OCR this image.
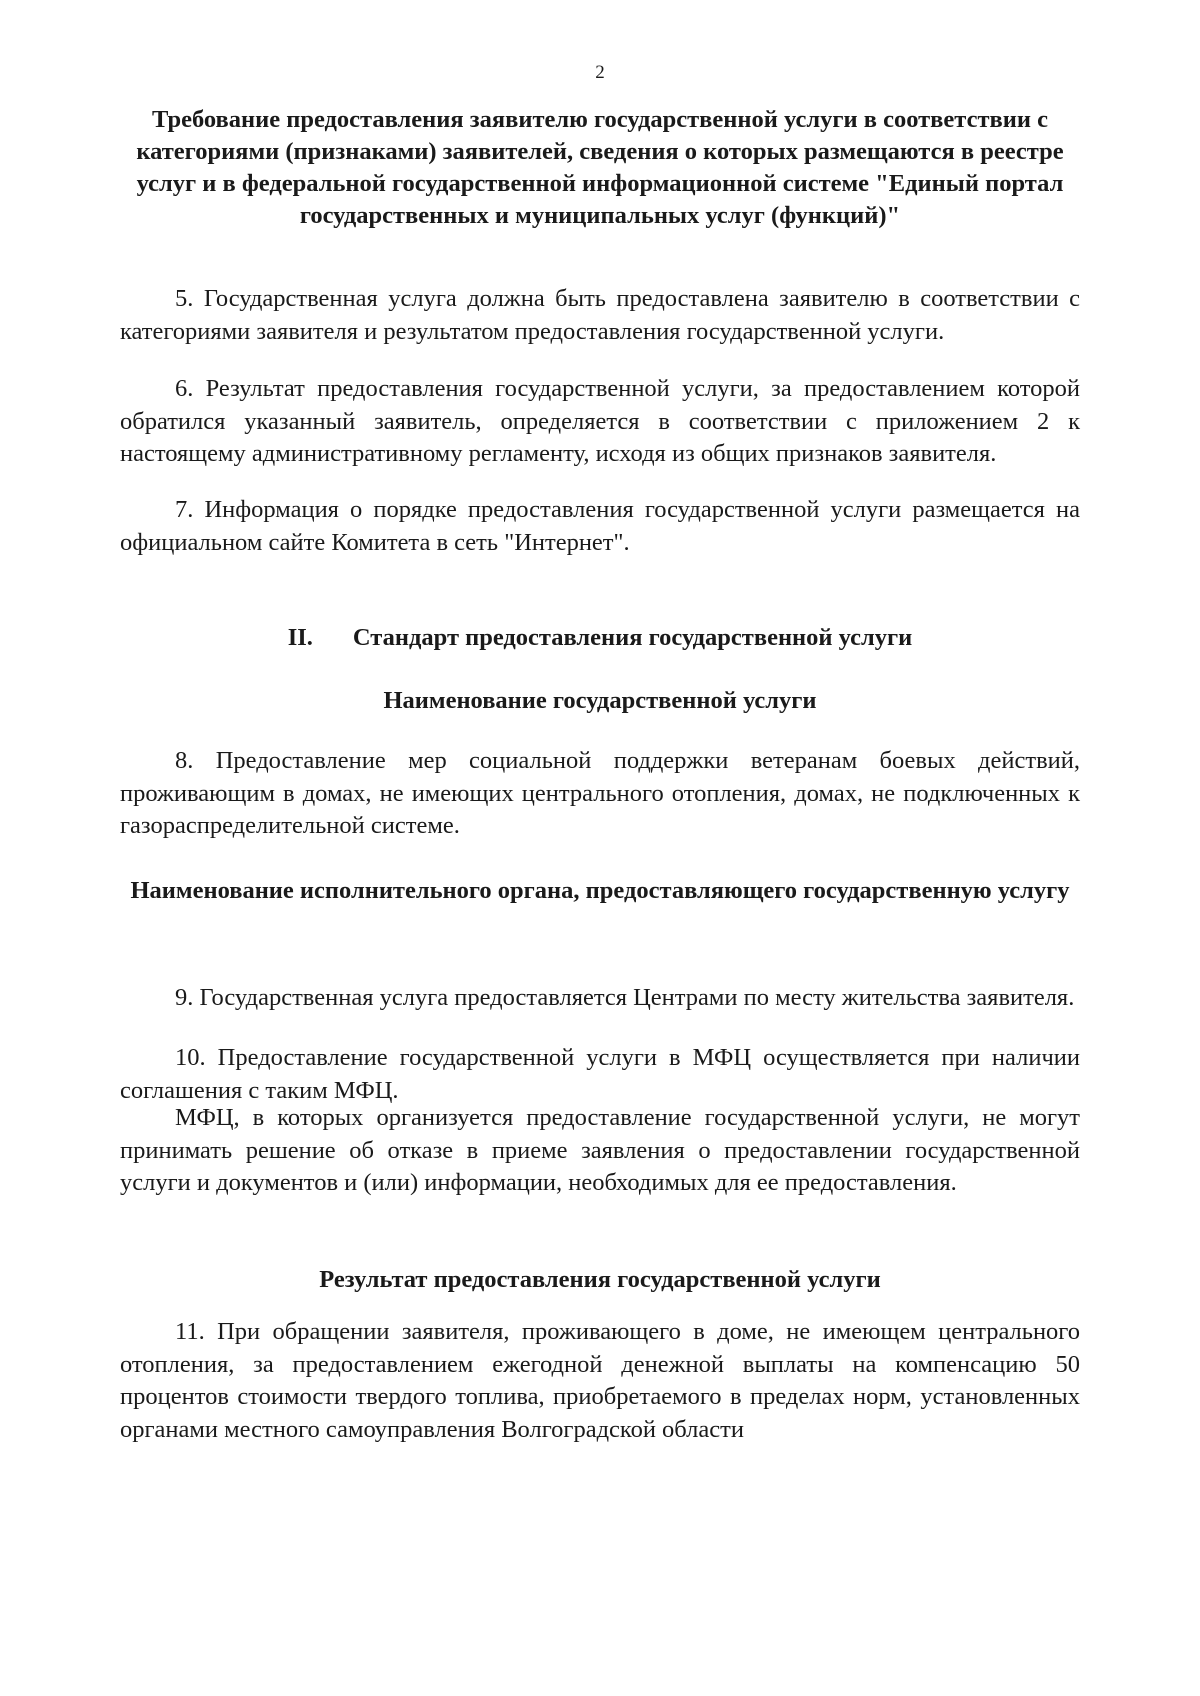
2
Требование предоставления заявителю государственной услуги в соответствии с категориями (признаками) заявителей, сведения о которых размещаются в реестре услуг и в федеральной государственной информационной системе "Единый портал государственных и муниципальных услуг (функций)"

5. Государственная услуга должна быть предоставлена заявителю в соответствии с категориями заявителя и результатом предоставления государственной услуги.

6. Результат предоставления государственной услуги, за предоставлением которой обратился указанный заявитель, определяется в соответствии с приложением 2 к настоящему административному регламенту, исходя из общих признаков заявителя.

7. Информация о порядке предоставления государственной услуги размещается на официальном сайте Комитета в сеть "Интернет".

II. Стандарт предоставления государственной услуги
Наименование государственной услуги

8. Предоставление мер социальной поддержки ветеранам боевых действий, проживающим в домах, не имеющих центрального отопления, домах, не подключенных к газораспределительной системе.

Наименование исполнительного органа, предоставляющего государственную услугу

9. Государственная услуга предоставляется Центрами по месту жительства заявителя.

10. Предоставление государственной услуги в МФЦ осуществляется при наличии соглашения с таким МФЦ.

МФЦ, в которых организуется предоставление государственной услуги, не могут принимать решение об отказе в приеме заявления о предоставлении государственной услуги и документов и (или) информации, необходимых для ее предоставления.

Результат предоставления государственной услуги

11. При обращении заявителя, проживающего в доме, не имеющем центрального отопления, за предоставлением ежегодной денежной выплаты на компенсацию 50 процентов стоимости твердого топлива, приобретаемого в пределах норм, установленных органами местного самоуправления Волгоградской области
